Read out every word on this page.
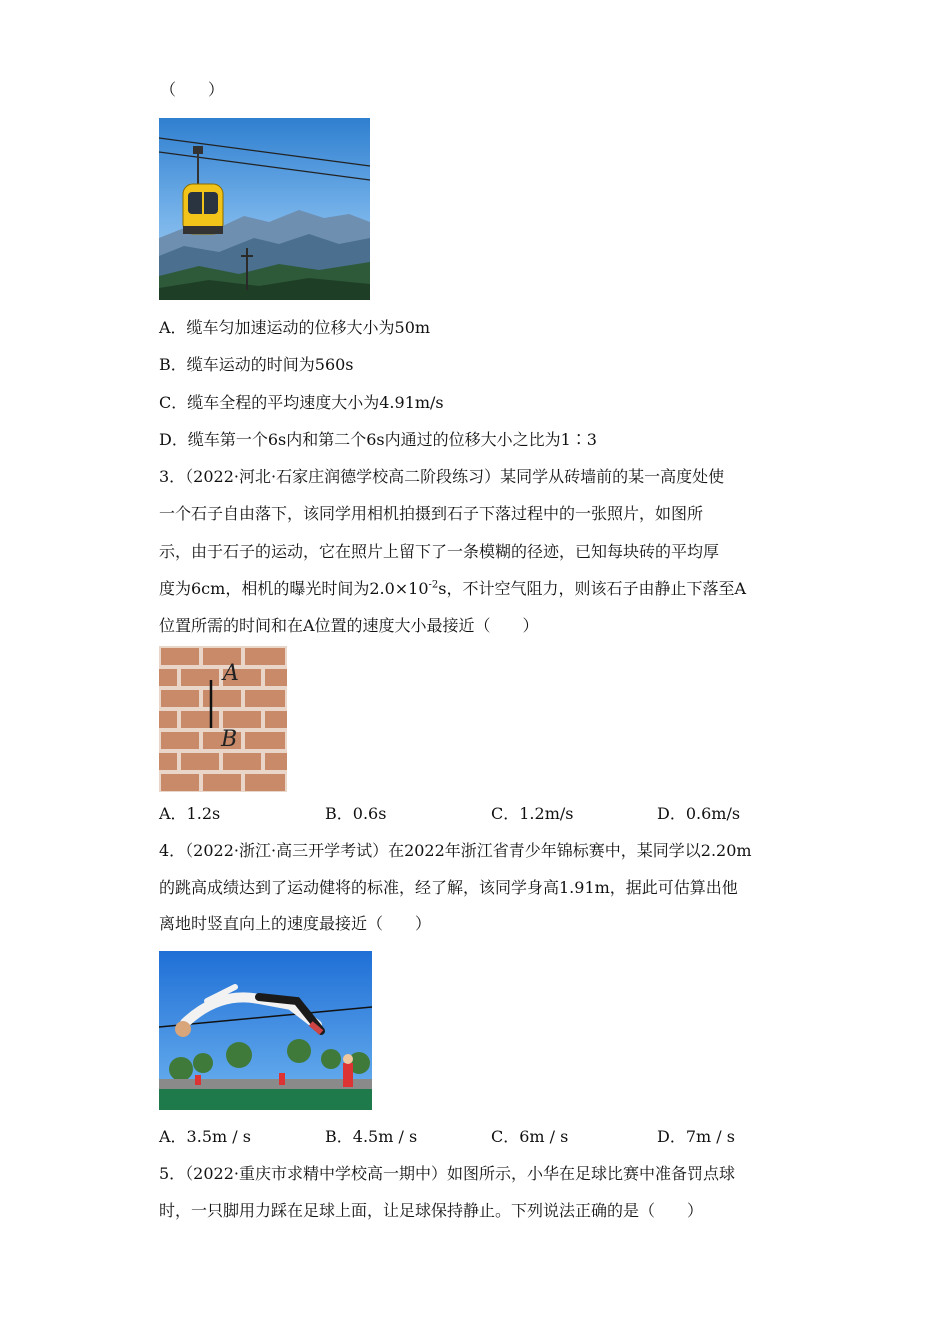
（　　）
A．缆车匀加速运动的位移大小为50m
B．缆车运动的时间为560s
C．缆车全程的平均速度大小为4.91m/s
D．缆车第一个6s内和第二个6s内通过的位移大小之比为1∶3
3．（2022·河北·石家庄润德学校高二阶段练习）某同学从砖墙前的某一高度处使
一个石子自由落下，该同学用相机拍摄到石子下落过程中的一张照片，如图所
示，由于石子的运动，它在照片上留下了一条模糊的径迹，已知每块砖的平均厚
度为6cm，相机的曝光时间为$2.0\times 10^{-2}s$，不计空气阻力，则该石子由静止下落至A
位置所需的时间和在A位置的速度大小最接近（　　）
A
B
A．1.2s	B．0.6s	C．1.2m/s	D．0.6m/s
4．（2022·浙江·高三开学考试）在2022年浙江省青少年锦标赛中，某同学以2.20m
的跳高成绩达到了运动健将的标准，经了解，该同学身高1.91m，据此可估算出他
离地时竖直向上的速度最接近（　　）
A．3.5m / s	B．4.5m / s	C．6m / s	D．7m / s
5．（2022·重庆市求精中学校高一期中）如图所示，小华在足球比赛中准备罚点球
时，一只脚用力踩在足球上面，让足球保持静止。下列说法正确的是（　　）
